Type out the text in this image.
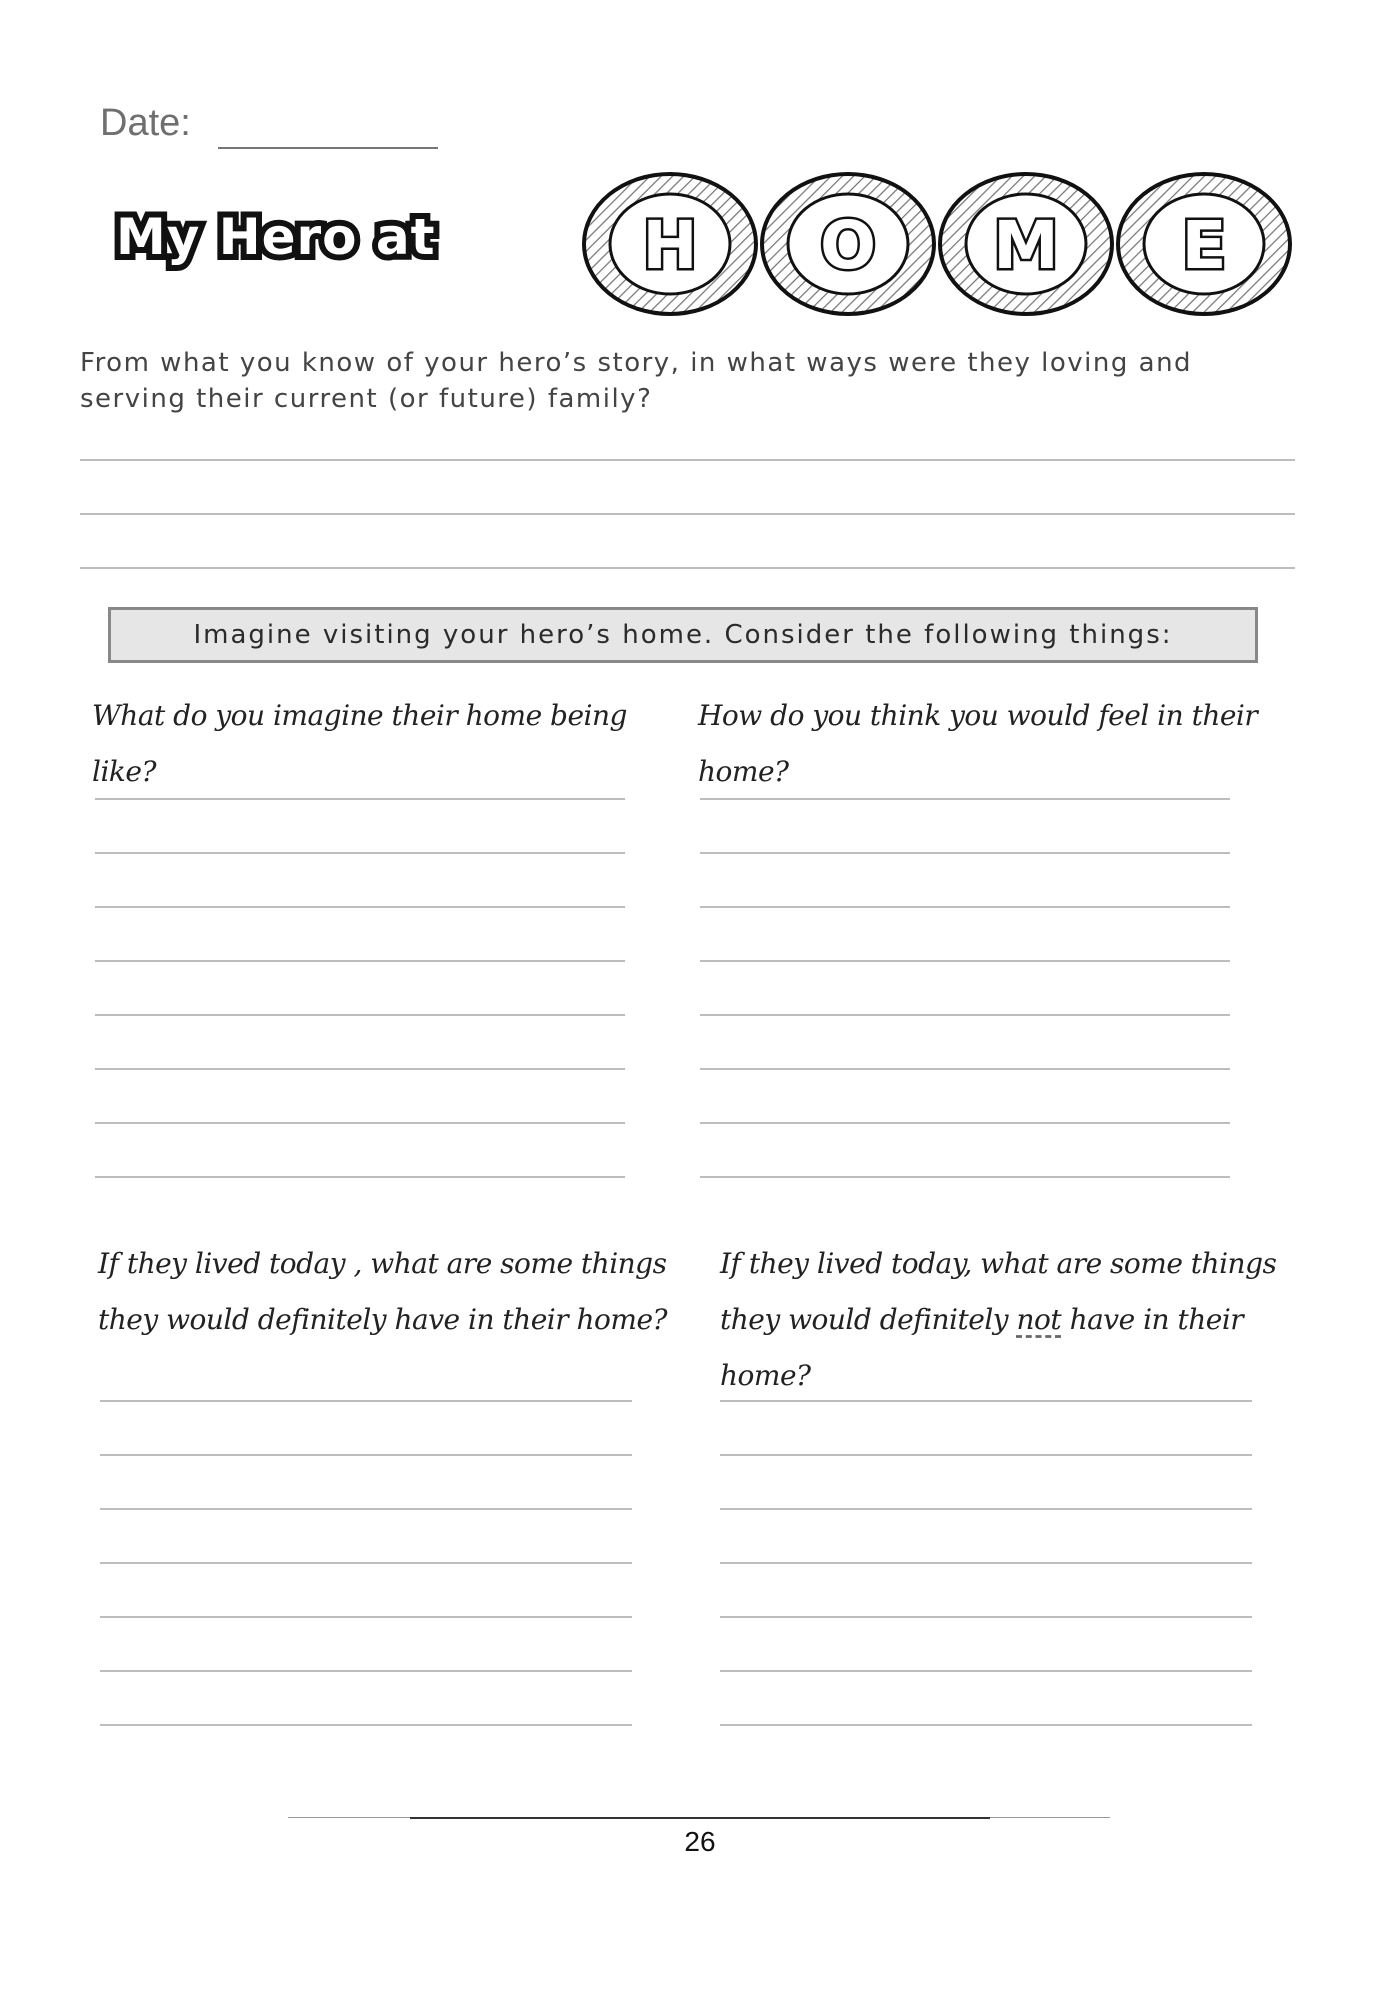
Date:
My Hero at	H O M E
From what you know of your hero’s story, in what ways were they loving and serving their current (or future) family?
Imagine visiting your hero’s home. Consider the following things:
What do you imagine their home being like?
How do you think you would feel in their home?
If they lived today , what are some things
they would definitely have in their home?
If they lived today, what are some things
they would definitely not have in their home?
26
